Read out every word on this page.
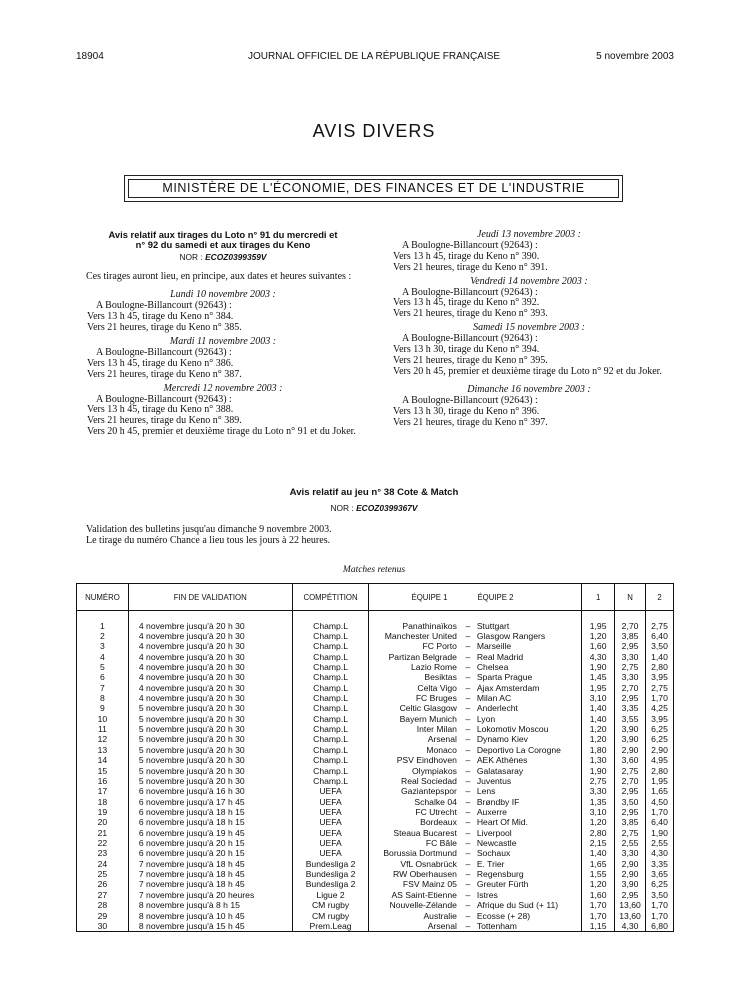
18904	JOURNAL OFFICIEL DE LA RÉPUBLIQUE FRANÇAISE	5 novembre 2003
AVIS DIVERS
MINISTÈRE DE L'ÉCONOMIE, DES FINANCES ET DE L'INDUSTRIE
Avis relatif aux tirages du Loto n° 91 du mercredi et
n° 92 du samedi et aux tirages du Keno
NOR : ECOZ0399359V
Ces tirages auront lieu, en principe, aux dates et heures suivantes :
Lundi 10 novembre 2003 :
A Boulogne-Billancourt (92643) :
Vers 13 h 45, tirage du Keno n° 384.
Vers 21 heures, tirage du Keno n° 385.
Mardi 11 novembre 2003 :
A Boulogne-Billancourt (92643) :
Vers 13 h 45, tirage du Keno n° 386.
Vers 21 heures, tirage du Keno n° 387.
Mercredi 12 novembre 2003 :
A Boulogne-Billancourt (92643) :
Vers 13 h 45, tirage du Keno n° 388.
Vers 21 heures, tirage du Keno n° 389.
Vers 20 h 45, premier et deuxième tirage du Loto n° 91 et du Joker.
Jeudi 13 novembre 2003 :
A Boulogne-Billancourt (92643) :
Vers 13 h 45, tirage du Keno n° 390.
Vers 21 heures, tirage du Keno n° 391.
Vendredi 14 novembre 2003 :
A Boulogne-Billancourt (92643) :
Vers 13 h 45, tirage du Keno n° 392.
Vers 21 heures, tirage du Keno n° 393.
Samedi 15 novembre 2003 :
A Boulogne-Billancourt (92643) :
Vers 13 h 30, tirage du Keno n° 394.
Vers 21 heures, tirage du Keno n° 395.
Vers 20 h 45, premier et deuxième tirage du Loto n° 92 et du Joker.
Dimanche 16 novembre 2003 :
A Boulogne-Billancourt (92643) :
Vers 13 h 30, tirage du Keno n° 396.
Vers 21 heures, tirage du Keno n° 397.
Avis relatif au jeu n° 38 Cote & Match
NOR : ECOZ0399367V
Validation des bulletins jusqu'au dimanche 9 novembre 2003.
Le tirage du numéro Chance a lieu tous les jours à 22 heures.
Matches retenus
NUMÉRO	FIN DE VALIDATION	COMPÉTITION	ÉQUIPE 1 ÉQUIPE 2			1	N	2

1	4 novembre jusqu'à 20 h 30	Champ.L	Panathinaïkos	–	Stuttgart	1,95	2,70	2,75
2	4 novembre jusqu'à 20 h 30	Champ.L	Manchester United	–	Glasgow Rangers	1,20	3,85	6,40
3	4 novembre jusqu'à 20 h 30	Champ.L	FC Porto	–	Marseille	1,60	2,95	3,50
4	4 novembre jusqu'à 20 h 30	Champ.L	Partizan Belgrade	–	Real Madrid	4,30	3,30	1,40
5	4 novembre jusqu'à 20 h 30	Champ.L	Lazio Rome	–	Chelsea	1,90	2,75	2,80
6	4 novembre jusqu'à 20 h 30	Champ.L	Besiktas	–	Sparta Prague	1,45	3,30	3,95
7	4 novembre jusqu'à 20 h 30	Champ.L	Celta Vigo	–	Ajax Amsterdam	1,95	2,70	2,75
8	4 novembre jusqu'à 20 h 30	Champ.L	FC Bruges	–	Milan AC	3,10	2,95	1,70
9	5 novembre jusqu'à 20 h 30	Champ.L	Celtic Glasgow	–	Anderlecht	1,40	3,35	4,25
10	5 novembre jusqu'à 20 h 30	Champ.L	Bayern Munich	–	Lyon	1,40	3,55	3,95
11	5 novembre jusqu'à 20 h 30	Champ.L	Inter Milan	–	Lokomotiv Moscou	1,20	3,90	6,25
12	5 novembre jusqu'à 20 h 30	Champ.L	Arsenal	–	Dynamo Kiev	1,20	3,90	6,25
13	5 novembre jusqu'à 20 h 30	Champ.L	Monaco	–	Deportivo La Corogne	1,80	2,90	2,90
14	5 novembre jusqu'à 20 h 30	Champ.L	PSV Eindhoven	–	AEK Athènes	1,30	3,60	4,95
15	5 novembre jusqu'à 20 h 30	Champ.L	Olympiakos	–	Galatasaray	1,90	2,75	2,80
16	5 novembre jusqu'à 20 h 30	Champ.L	Real Sociedad	–	Juventus	2,75	2,70	1,95
17	6 novembre jusqu'à 16 h 30	UEFA	Gaziantepspor	–	Lens	3,30	2,95	1,65
18	6 novembre jusqu'à 17 h 45	UEFA	Schalke 04	–	Brøndby IF	1,35	3,50	4,50
19	6 novembre jusqu'à 18 h 15	UEFA	FC Utrecht	–	Auxerre	3,10	2,95	1,70
20	6 novembre jusqu'à 18 h 15	UEFA	Bordeaux	–	Heart Of Mid.	1,20	3,85	6,40
21	6 novembre jusqu'à 19 h 45	UEFA	Steaua Bucarest	–	Liverpool	2,80	2,75	1,90
22	6 novembre jusqu'à 20 h 15	UEFA	FC Bâle	–	Newcastle	2,15	2,55	2,55
23	6 novembre jusqu'à 20 h 15	UEFA	Borussia Dortmund	–	Sochaux	1,40	3,30	4,30
24	7 novembre jusqu'à 18 h 45	Bundesliga 2	VfL Osnabrück	–	E. Trier	1,65	2,90	3,35
25	7 novembre jusqu'à 18 h 45	Bundesliga 2	RW Oberhausen	–	Regensburg	1,55	2,90	3,65
26	7 novembre jusqu'à 18 h 45	Bundesliga 2	FSV Mainz 05	–	Greuter Fürth	1,20	3,90	6,25
27	7 novembre jusqu'à 20 heures	Ligue 2	AS Saint-Etienne	–	Istres	1,60	2,95	3,50
28	8 novembre jusqu'à 8 h 15	CM rugby	Nouvelle-Zélande	–	Afrique du Sud (+ 11)	1,70	13,60	1,70
29	8 novembre jusqu'à 10 h 45	CM rugby	Australie	–	Ecosse (+ 28)	1,70	13,60	1,70
30	8 novembre jusqu'à 15 h 45	Prem.Leag	Arsenal	–	Tottenham	1,15	4,30	6,80
